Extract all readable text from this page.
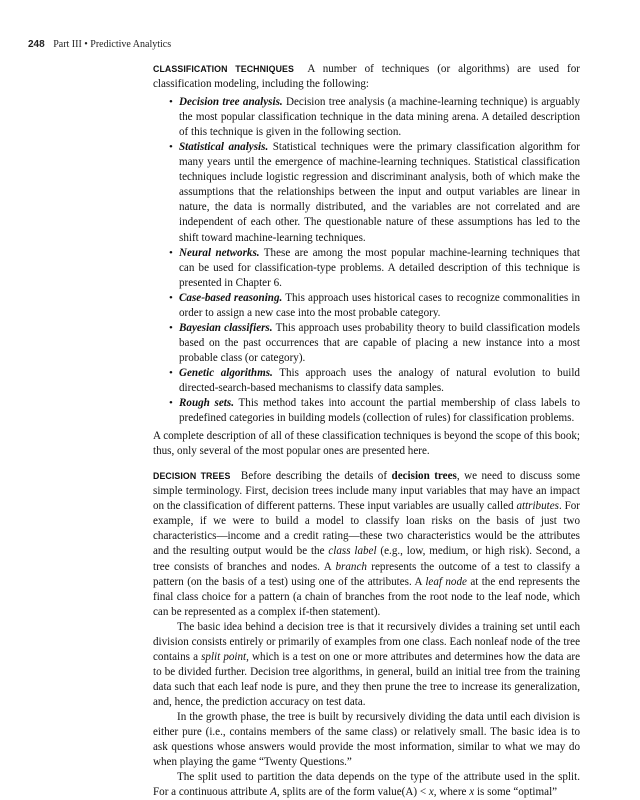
248 Part III • Predictive Analytics

CLASSIFICATION TECHNIQUES A number of techniques (or algorithms) are used for classification modeling, including the following:

• Decision tree analysis. Decision tree analysis (a machine-learning technique) is arguably the most popular classification technique in the data mining arena. A detailed description of this technique is given in the following section.
• Statistical analysis. Statistical techniques were the primary classification algorithm for many years until the emergence of machine-learning techniques. Statistical classification techniques include logistic regression and discriminant analysis, both of which make the assumptions that the relationships between the input and output variables are linear in nature, the data is normally distributed, and the variables are not correlated and are independent of each other. The questionable nature of these assumptions has led to the shift toward machine-learning techniques.
• Neural networks. These are among the most popular machine-learning techniques that can be used for classification-type problems. A detailed description of this technique is presented in Chapter 6.
• Case-based reasoning. This approach uses historical cases to recognize commonalities in order to assign a new case into the most probable category.
• Bayesian classifiers. This approach uses probability theory to build classification models based on the past occurrences that are capable of placing a new instance into a most probable class (or category).
• Genetic algorithms. This approach uses the analogy of natural evolution to build directed-search-based mechanisms to classify data samples.
• Rough sets. This method takes into account the partial membership of class labels to predefined categories in building models (collection of rules) for classification problems.

A complete description of all of these classification techniques is beyond the scope of this book; thus, only several of the most popular ones are presented here.

DECISION TREES Before describing the details of decision trees, we need to discuss some simple terminology. First, decision trees include many input variables that may have an impact on the classification of different patterns. These input variables are usually called attributes. For example, if we were to build a model to classify loan risks on the basis of just two characteristics—income and a credit rating—these two characteristics would be the attributes and the resulting output would be the class label (e.g., low, medium, or high risk). Second, a tree consists of branches and nodes. A branch represents the outcome of a test to classify a pattern (on the basis of a test) using one of the attributes. A leaf node at the end represents the final class choice for a pattern (a chain of branches from the root node to the leaf node, which can be represented as a complex if-then statement).

The basic idea behind a decision tree is that it recursively divides a training set until each division consists entirely or primarily of examples from one class. Each nonleaf node of the tree contains a split point, which is a test on one or more attributes and determines how the data are to be divided further. Decision tree algorithms, in general, build an initial tree from the training data such that each leaf node is pure, and they then prune the tree to increase its generalization, and, hence, the prediction accuracy on test data.

In the growth phase, the tree is built by recursively dividing the data until each division is either pure (i.e., contains members of the same class) or relatively small. The basic idea is to ask questions whose answers would provide the most information, similar to what we may do when playing the game “Twenty Questions.”

The split used to partition the data depends on the type of the attribute used in the split. For a continuous attribute A, splits are of the form value(A) < x, where x is some “optimal”
